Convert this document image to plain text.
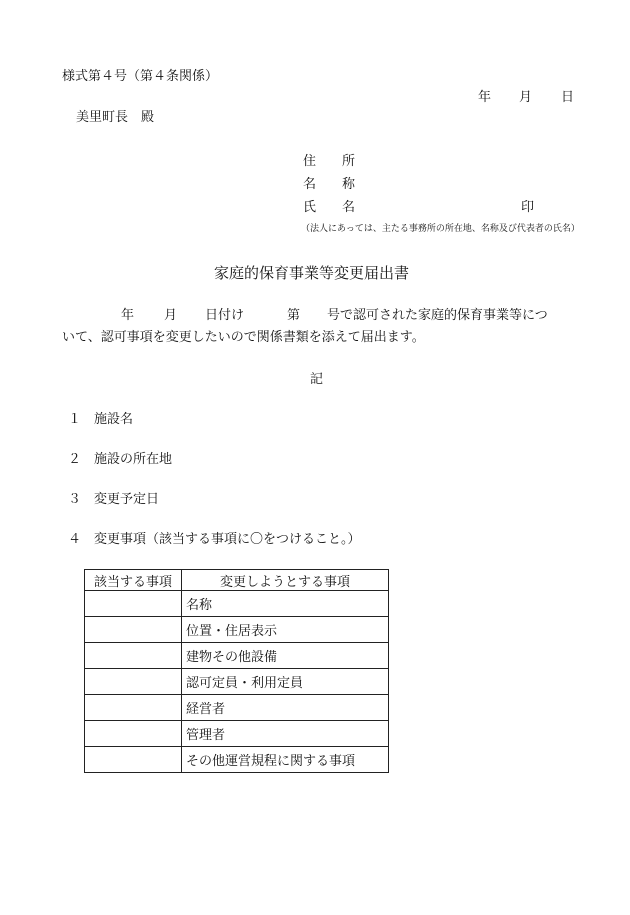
様式第４号（第４条関係）
年 月 日
美里町長　殿
住　　所
名　　称
氏　　名	印
（法人にあっては、主たる事務所の所在地、名称及び代表者の氏名）
家庭的保育事業等変更届出書
年 月 日付け	第 号で認可された家庭的保育事業等につ
いて、認可事項を変更したいので関係書類を添えて届出ます。
記
１ 施設名
２ 施設の所在地
３ 変更予定日
４ 変更事項（該当する事項に〇をつけること。）
該当する事項	変更しようとする事項
	名称
	位置・住居表示
	建物その他設備
	認可定員・利用定員
	経営者
	管理者
	その他運営規程に関する事項
